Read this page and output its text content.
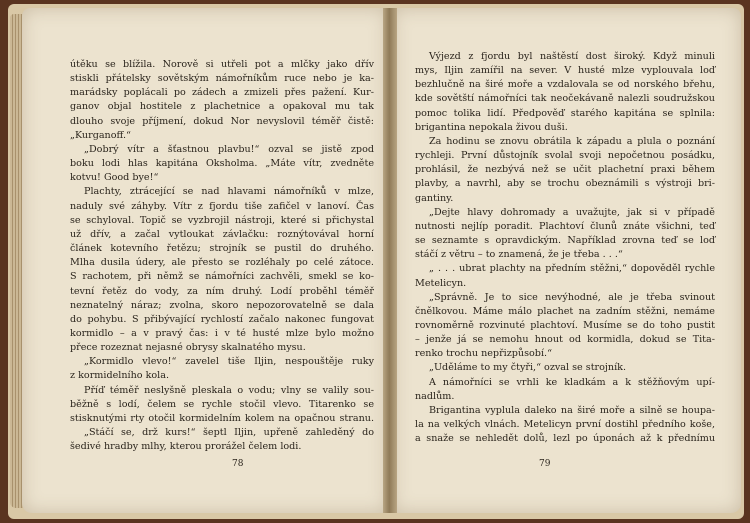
útěku se blížila. Norově si utřeli pot a mlčky jako dřív
stiskli přátelsky sovětským námořníkům ruce nebo je ka-
marádsky poplácali po zádech a zmizeli přes pažení. Kur-
ganov objal hostitele z plachetnice a opakoval mu tak
dlouho svoje příjmení, dokud Nor nevyslovil téměř čistě:
„Kurganoff.“
„Dobrý vítr a šťastnou plavbu!“ ozval se jistě zpod
boku lodi hlas kapitána Oksholma. „Máte vítr, zvedněte
kotvu! Good bye!“
Plachty, ztrácející se nad hlavami námořníků v mlze,
naduly své záhyby. Vítr z fjordu tiše zafičel v lanoví. Čas
se schyloval. Topič se vyzbrojil nástroji, které si přichystal
už dřív, a začal vytloukat závlačku: roznýtovával horní
článek kotevního řetězu; strojník se pustil do druhého.
Mlha dusila údery, ale přesto se rozléhaly po celé zátoce.
S rachotem, při němž se námořníci zachvěli, smekl se ko-
tevní řetěz do vody, za ním druhý. Lodí proběhl téměř
neznatelný náraz; zvolna, skoro nepozorovatelně se dala
do pohybu. S přibývající rychlostí začalo nakonec fungovat
kormidlo – a v pravý čas: i v té husté mlze bylo možno
přece rozeznat nejasné obrysy skalnatého mysu.
„Kormidlo vlevo!“ zavelel tiše Iljin, nespouštěje ruky
z kormidelního kola.
Příď téměř neslyšně pleskala o vodu; vlny se valily sou-
běžně s lodí, čelem se rychle stočil vlevo. Titarenko se
stisknutými rty otočil kormidelním kolem na opačnou stranu.
„Stáčí se, drž kurs!“ šeptl Iljin, upřeně zahleděný do
šedivé hradby mlhy, kterou prorážel čelem lodi.
Výjezd z fjordu byl naštěstí dost široký. Když minuli
mys, Iljin zamířil na sever. V husté mlze vyplouvala loď
bezhlučně na širé moře a vzdalovala se od norského břehu,
kde sovětští námořníci tak neočekávaně nalezli soudružskou
pomoc tolika lidí. Předpověď starého kapitána se splnila:
brigantina nepokala živou duši.
Za hodinu se znovu obrátila k západu a plula o poznání
rychleji. První důstojník svolal svoji nepočetnou posádku,
prohlásil, že nezbývá než se učit plachetní praxi během
plavby, a navrhl, aby se trochu obeznámili s výstroji bri-
gantiny.
„Dejte hlavy dohromady a uvažujte, jak si v případě
nutnosti nejlíp poradit. Plachtoví člunů znáte všichni, teď
se seznamte s opravdickým. Například zrovna teď se loď
stáčí z větru – to znamená, že je třeba . . .“
„ . . . ubrat plachty na předním stěžni,“ dopověděl rychle
Metelicyn.
„Správně. Je to sice nevýhodné, ale je třeba svinout
čnělkovou. Máme málo plachet na zadním stěžni, nemáme
rovnoměrně rozvinuté plachtoví. Musíme se do toho pustit
– jenže já se nemohu hnout od kormidla, dokud se Tita-
renko trochu nepřizpůsobí.“
„Uděláme to my čtyři,“ ozval se strojník.
A námořníci se vrhli ke kladkám a k stěžňovým upí-
nadlům.
Brigantina vyplula daleko na širé moře a silně se houpa-
la na velkých vlnách. Metelicyn první dostihl předního koše,
a snaže se nehledět dolů, lezl po úponách až k přednímu
78	79
